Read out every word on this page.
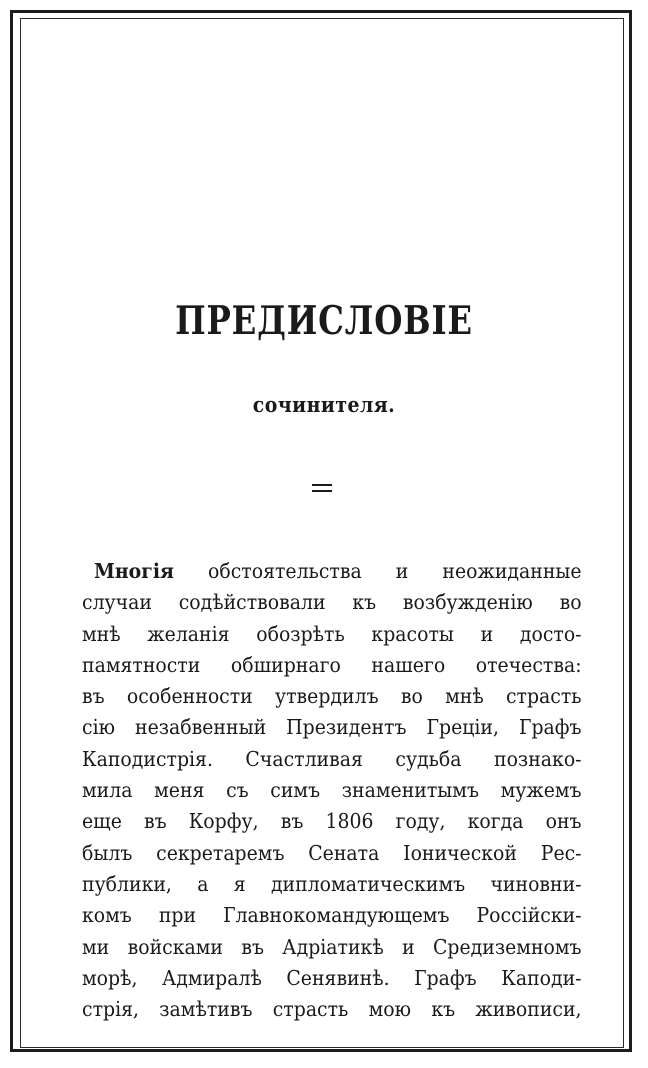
ПРЕДИСЛОВІЕ
сочинителя.
Многія обстоятельства и неожиданные
случаи содѣйствовали къ возбужденію во
мнѣ желанія обозрѣть красоты и досто-
памятности обширнаго нашего отечества:
въ особенности утвердилъ во мнѣ страсть
сію незабвенный Президентъ Греціи, Графъ
Каподистрія. Счастливая судьба познако-
мила меня съ симъ знаменитымъ мужемъ
еще въ Корфу, въ 1806 году, когда онъ
былъ секретаремъ Сената Іонической Рес-
публики, а я дипломатическимъ чиновни-
комъ при Главнокомандующемъ Россійски-
ми войсками въ Адріатикѣ и Средиземномъ
морѣ, Адмиралѣ Сенявинѣ. Графъ Каподи-
стрія, замѣтивъ страсть мою къ живописи,
